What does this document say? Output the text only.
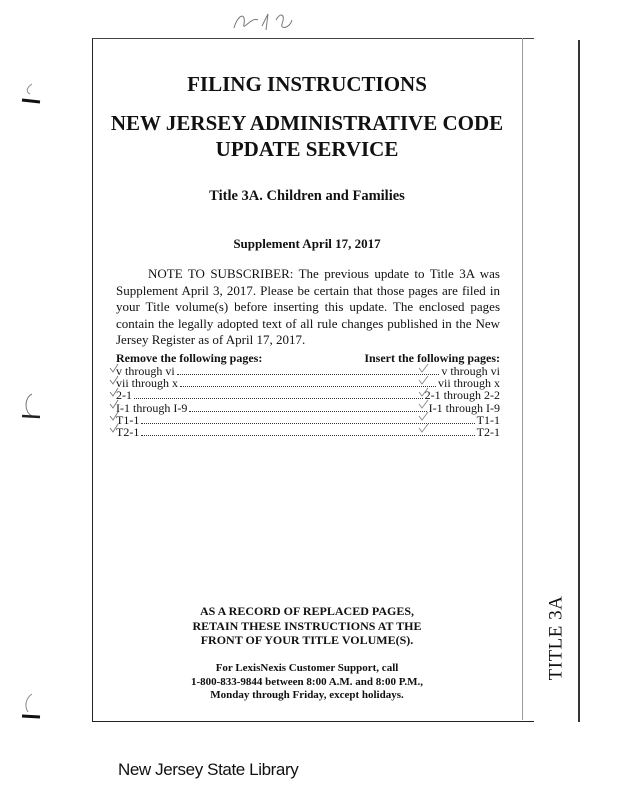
TITLE 3A
FILING INSTRUCTIONS
NEW JERSEY ADMINISTRATIVE CODE
UPDATE SERVICE
Title 3A. Children and Families
Supplement April 17, 2017
NOTE TO SUBSCRIBER: The previous update to Title 3A was Supplement April 3, 2017. Please be certain that those pages are filed in your Title volume(s) before inserting this update. The enclosed pages contain the legally adopted text of all rule changes published in the New Jersey Register as of April 17, 2017.
Remove the following pages:	Insert the following pages:
v through vi	v through vi
vii through x	vii through x
2-1	2-1 through 2-2
I-1 through I-9	I-1 through I-9
T1-1	T1-1
T2-1	T2-1
AS A RECORD OF REPLACED PAGES,
RETAIN THESE INSTRUCTIONS AT THE
FRONT OF YOUR TITLE VOLUME(S).
For LexisNexis Customer Support, call
1-800-833-9844 between 8:00 A.M. and 8:00 P.M.,
Monday through Friday, except holidays.
New Jersey State Library
